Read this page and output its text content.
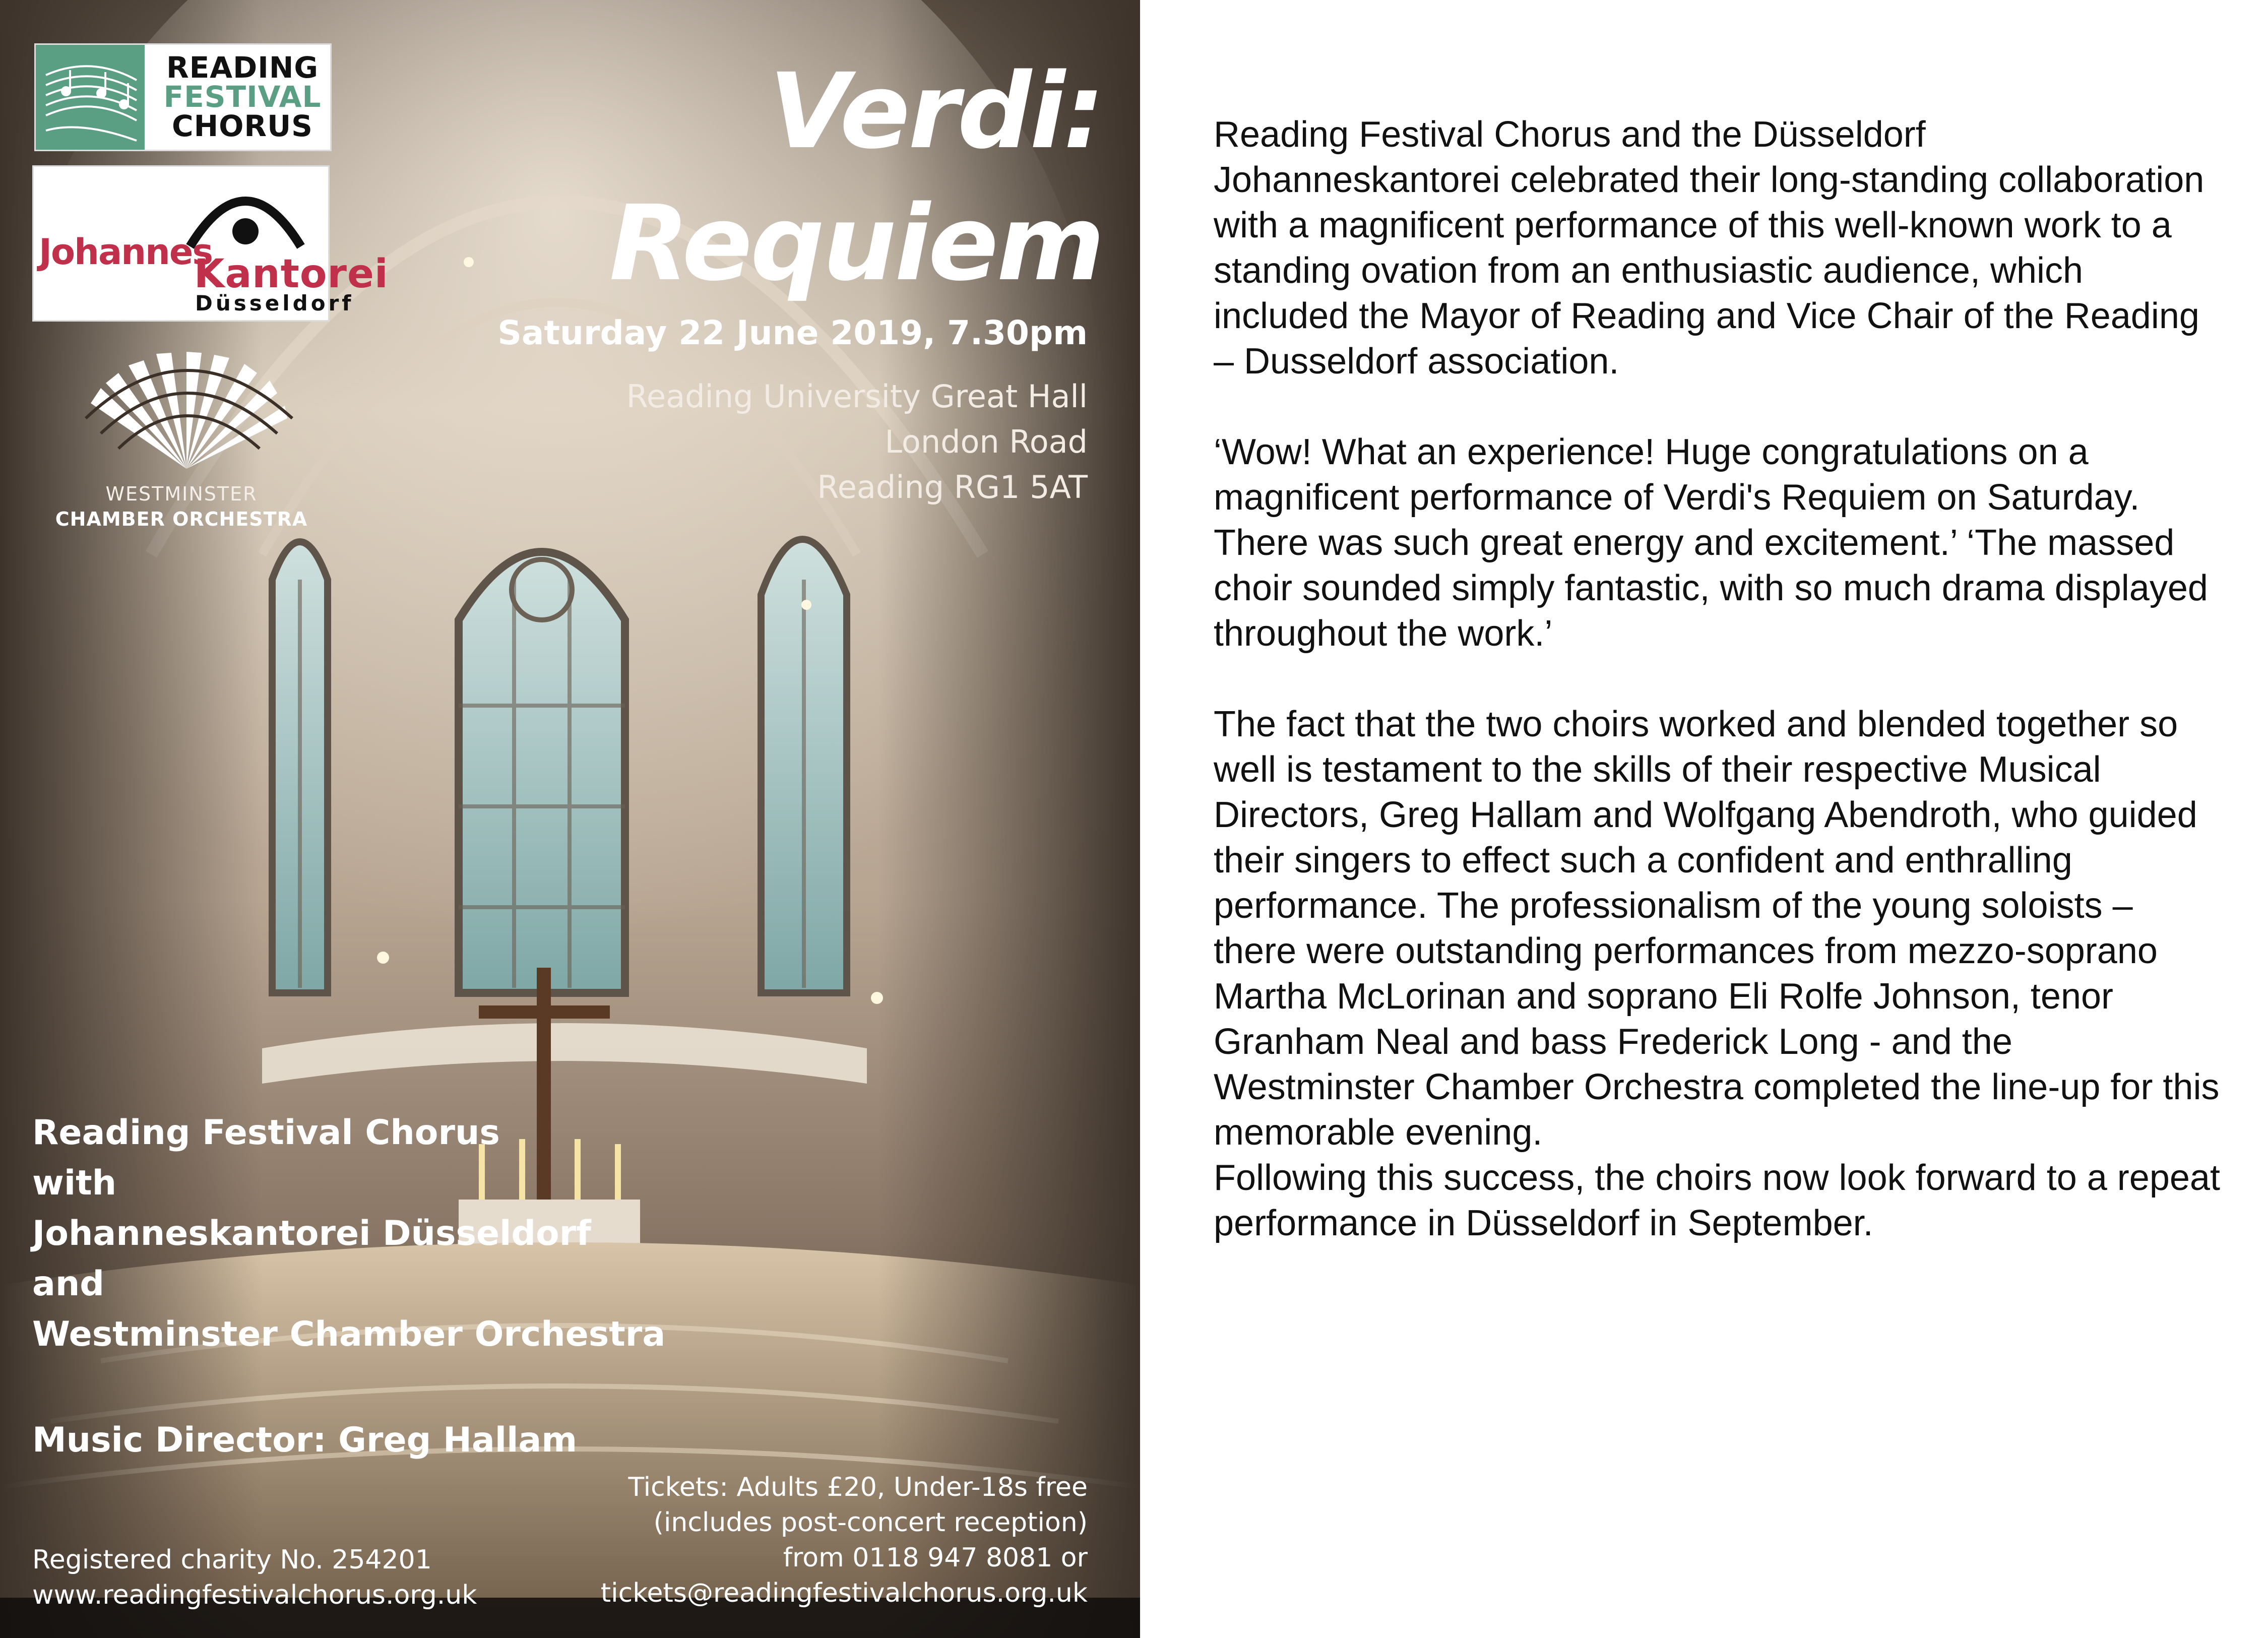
READING
FESTIVAL
CHORUS
Johannes
Kantorei
Düsseldorf
WESTMINSTER
CHAMBER ORCHESTRA
Verdi:
Requiem
Saturday 22 June 2019, 7.30pm
Reading University Great Hall
London Road
Reading RG1 5AT
Reading Festival Chorus
with
Johanneskantorei Düsseldorf
and
Westminster Chamber Orchestra
Music Director: Greg Hallam
Registered charity No. 254201
www.readingfestivalchorus.org.uk
Tickets: Adults £20, Under-18s free
(includes post-concert reception)
from 0118 947 8081 or
tickets@readingfestivalchorus.org.uk

Reading Festival Chorus and the Düsseldorf Johanneskantorei celebrated their long-standing collaboration with a magnificent performance of this well-known work to a standing ovation from an enthusiastic audience, which included the Mayor of Reading and Vice Chair of the Reading – Dusseldorf association.

‘Wow! What an experience! Huge congratulations on a magnificent performance of Verdi's Requiem on Saturday. There was such great energy and excitement.’ ‘The massed choir sounded simply fantastic, with so much drama displayed throughout the work.’

The fact that the two choirs worked and blended together so well is testament to the skills of their respective Musical Directors, Greg Hallam and Wolfgang Abendroth, who guided their singers to effect such a confident and enthralling performance. The professionalism of the young soloists – there were outstanding performances from mezzo-soprano Martha McLorinan and soprano Eli Rolfe Johnson, tenor Granham Neal and bass Frederick Long - and the Westminster Chamber Orchestra completed the line-up for this memorable evening.

Following this success, the choirs now look forward to a repeat performance in Düsseldorf in September.
